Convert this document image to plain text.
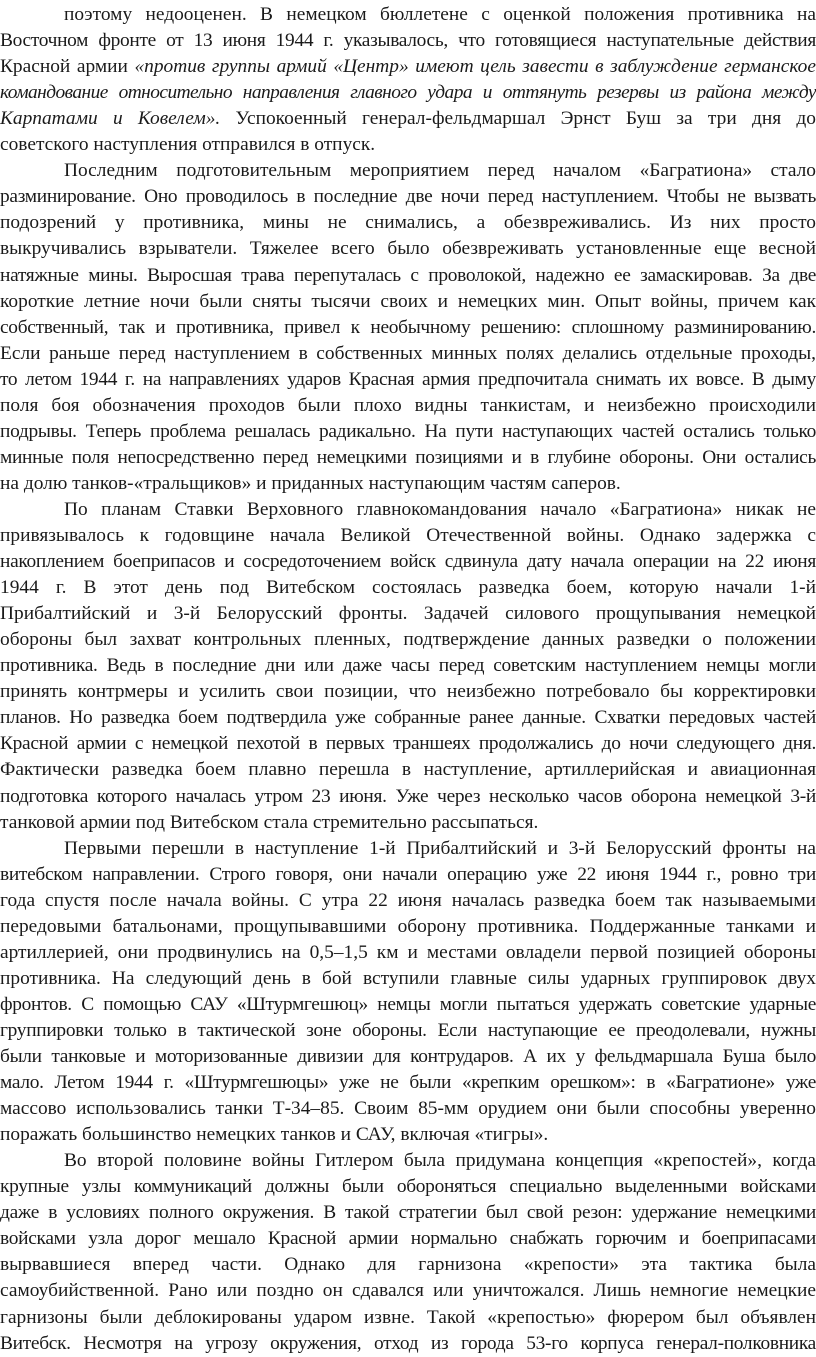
поэтому недооценен. В немецком бюллетене с оценкой положения противника на
Восточном фронте от 13 июня 1944 г. указывалось, что готовящиеся наступательные действия
Красной армии «против группы армий «Центр» имеют цель завести в заблуждение германское
командование относительно направления главного удара и оттянуть резервы из района между
Карпатами и Ковелем». Успокоенный генерал-фельдмаршал Эрнст Буш за три дня до
советского наступления отправился в отпуск.
Последним подготовительным мероприятием перед началом «Багратиона» стало
разминирование. Оно проводилось в последние две ночи перед наступлением. Чтобы не вызвать
подозрений у противника, мины не снимались, а обезвреживались. Из них просто
выкручивались взрыватели. Тяжелее всего было обезвреживать установленные еще весной
натяжные мины. Выросшая трава перепуталась с проволокой, надежно ее замаскировав. За две
короткие летние ночи были сняты тысячи своих и немецких мин. Опыт войны, причем как
собственный, так и противника, привел к необычному решению: сплошному разминированию.
Если раньше перед наступлением в собственных минных полях делались отдельные проходы,
то летом 1944 г. на направлениях ударов Красная армия предпочитала снимать их вовсе. В дыму
поля боя обозначения проходов были плохо видны танкистам, и неизбежно происходили
подрывы. Теперь проблема решалась радикально. На пути наступающих частей остались только
минные поля непосредственно перед немецкими позициями и в глубине обороны. Они остались
на долю танков-«тральщиков» и приданных наступающим частям саперов.
По планам Ставки Верховного главнокомандования начало «Багратиона» никак не
привязывалось к годовщине начала Великой Отечественной войны. Однако задержка с
накоплением боеприпасов и сосредоточением войск сдвинула дату начала операции на 22 июня
1944 г. В этот день под Витебском состоялась разведка боем, которую начали 1-й
Прибалтийский и 3-й Белорусский фронты. Задачей силового прощупывания немецкой
обороны был захват контрольных пленных, подтверждение данных разведки о положении
противника. Ведь в последние дни или даже часы перед советским наступлением немцы могли
принять контрмеры и усилить свои позиции, что неизбежно потребовало бы корректировки
планов. Но разведка боем подтвердила уже собранные ранее данные. Схватки передовых частей
Красной армии с немецкой пехотой в первых траншеях продолжались до ночи следующего дня.
Фактически разведка боем плавно перешла в наступление, артиллерийская и авиационная
подготовка которого началась утром 23 июня. Уже через несколько часов оборона немецкой 3-й
танковой армии под Витебском стала стремительно рассыпаться.
Первыми перешли в наступление 1-й Прибалтийский и 3-й Белорусский фронты на
витебском направлении. Строго говоря, они начали операцию уже 22 июня 1944 г., ровно три
года спустя после начала войны. С утра 22 июня началась разведка боем так называемыми
передовыми батальонами, прощупывавшими оборону противника. Поддержанные танками и
артиллерией, они продвинулись на 0,5–1,5 км и местами овладели первой позицией обороны
противника. На следующий день в бой вступили главные силы ударных группировок двух
фронтов. С помощью САУ «Штурмгешюц» немцы могли пытаться удержать советские ударные
группировки только в тактической зоне обороны. Если наступающие ее преодолевали, нужны
были танковые и моторизованные дивизии для контрударов. А их у фельдмаршала Буша было
мало. Летом 1944 г. «Штурмгешюцы» уже не были «крепким орешком»: в «Багратионе» уже
массово использовались танки Т-34–85. Своим 85-мм орудием они были способны уверенно
поражать большинство немецких танков и САУ, включая «тигры».
Во второй половине войны Гитлером была придумана концепция «крепостей», когда
крупные узлы коммуникаций должны были обороняться специально выделенными войсками
даже в условиях полного окружения. В такой стратегии был свой резон: удержание немецкими
войсками узла дорог мешало Красной армии нормально снабжать горючим и боеприпасами
вырвавшиеся вперед части. Однако для гарнизона «крепости» эта тактика была
самоубийственной. Рано или поздно он сдавался или уничтожался. Лишь немногие немецкие
гарнизоны были деблокированы ударом извне. Такой «крепостью» фюрером был объявлен
Витебск. Несмотря на угрозу окружения, отход из города 53-го корпуса генерал-полковника
